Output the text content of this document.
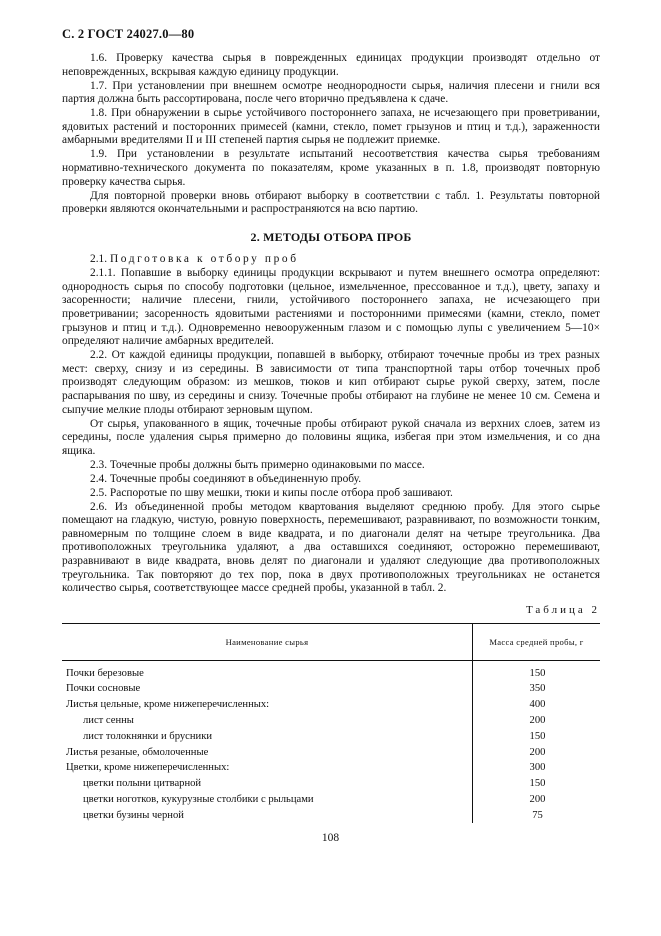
С. 2 ГОСТ 24027.0—80

1.6. Проверку качества сырья в поврежденных единицах продукции производят отдельно от неповрежденных, вскрывая каждую единицу продукции.

1.7. При установлении при внешнем осмотре неоднородности сырья, наличия плесени и гнили вся партия должна быть рассортирована, после чего вторично предъявлена к сдаче.

1.8. При обнаружении в сырье устойчивого постороннего запаха, не исчезающего при проветривании, ядовитых растений и посторонних примесей (камни, стекло, помет грызунов и птиц и т.д.), зараженности амбарными вредителями II и III степеней партия сырья не подлежит приемке.

1.9. При установлении в результате испытаний несоответствия качества сырья требованиям нормативно-технического документа по показателям, кроме указанных в п. 1.8, производят повторную проверку качества сырья.

Для повторной проверки вновь отбирают выборку в соответствии с табл. 1. Результаты повторной проверки являются окончательными и распространяются на всю партию.

2. МЕТОДЫ ОТБОРА ПРОБ

2.1. Подготовка к отбору проб

2.1.1. Попавшие в выборку единицы продукции вскрывают и путем внешнего осмотра определяют: однородность сырья по способу подготовки (цельное, измельченное, прессованное и т.д.), цвету, запаху и засоренности; наличие плесени, гнили, устойчивого постороннего запаха, не исчезающего при проветривании; засоренность ядовитыми растениями и посторонними примесями (камни, стекло, помет грызунов и птиц и т.д.). Одновременно невооруженным глазом и с помощью лупы с увеличением 5—10× определяют наличие амбарных вредителей.

2.2. От каждой единицы продукции, попавшей в выборку, отбирают точечные пробы из трех разных мест: сверху, снизу и из середины. В зависимости от типа транспортной тары отбор точечных проб производят следующим образом: из мешков, тюков и кип отбирают сырье рукой сверху, затем, после распарывания по шву, из середины и снизу. Точечные пробы отбирают на глубине не менее 10 см. Семена и сыпучие мелкие плоды отбирают зерновым щупом.

От сырья, упакованного в ящик, точечные пробы отбирают рукой сначала из верхних слоев, затем из середины, после удаления сырья примерно до половины ящика, избегая при этом измельчения, и со дна ящика.

2.3. Точечные пробы должны быть примерно одинаковыми по массе.

2.4. Точечные пробы соединяют в объединенную пробу.

2.5. Распоротые по шву мешки, тюки и кипы после отбора проб зашивают.

2.6. Из объединенной пробы методом квартования выделяют среднюю пробу. Для этого сырье помещают на гладкую, чистую, ровную поверхность, перемешивают, разравнивают, по возможности тонким, равномерным по толщине слоем в виде квадрата, и по диагонали делят на четыре треугольника. Два противоположных треугольника удаляют, а два оставшихся соединяют, осторожно перемешивают, разравнивают в виде квадрата, вновь делят по диагонали и удаляют следующие два противоположных треугольника. Так повторяют до тех пор, пока в двух противоположных треугольниках не останется количество сырья, соответствующее массе средней пробы, указанной в табл. 2.

Таблица 2
Наименование сырья	Масса средней пробы, г
Почки березовые	150
Почки сосновые	350
Листья цельные, кроме нижеперечисленных:	400
лист сенны	200
лист толокнянки и брусники	150
Листья резаные, обмолоченные	200
Цветки, кроме нижеперечисленных:	300
цветки полыни цитварной	150
цветки ноготков, кукурузные столбики с рыльцами	200
цветки бузины черной	75
108
